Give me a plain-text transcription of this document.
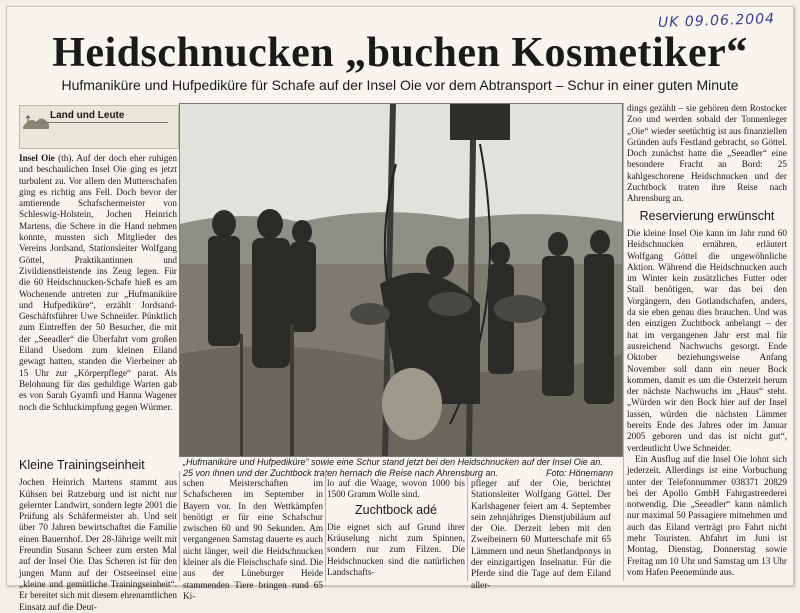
UK 09.06.2004
Heidschnucken „buchen Kosmetiker“
Hufmaniküre und Hufpediküre für Schafe auf der Insel Oie vor dem Abtransport – Schur in einer guten Minute
Land und Leute

Insel Oie (th). Auf der doch eher ruhigen und beschaulichen Insel Oie ging es jetzt turbulent zu. Vor allem den Mutterschafen ging es richtig ans Fell. Doch bevor der amtierende Schafschermeister von Schleswig-Holstein, Jochen Heinrich Martens, die Schere in die Hand nehmen konnte, mussten sich Mitglieder des Vereins Jordsand, Stationsleiter Wolfgang Göttel, Praktikantinnen und Zivildienstleistende ins Zeug legen. Für die 60 Heidschnucken-Schafe hieß es am Wochenende antreten zur „Hufmaniküre und Hufpediküre“, erzählt Jordsand-Geschäftsführer Uwe Schneider. Pünktlich zum Eintreffen der 50 Besucher, die mit der „Seeadler“ die Überfahrt vom großen Eiland Usedom zum kleinen Eiland gewagt hatten, standen die Vierbeiner ab 15 Uhr zur „Körperpflege“ parat. Als Belohnung für das geduldige Warten gab es von Sarah Gyamfi und Hanna Wagener noch die Schluckimpfung gegen Würmer.

Kleine Trainingseinheit

Jochen Heinrich Martens stammt aus Kühsen bei Ratzeburg und ist nicht nur gelernter Landwirt, sondern legte 2001 die Prüfung als Schäfermeister ab. Und seit über 70 Jahren bewirtschaftet die Familie einen Bauernhof. Der 28-Jährige weilt mit Freundin Susann Scheer zum ersten Mal auf der Insel Oie. Das Scheren ist für den jungen Mann auf der Ostseeinsel eine „kleine und gemütliche Trainingseinheit“. Er bereitet sich mit diesem ehrenamtlichen Einsatz auf die Deut-

„Hufmaniküre und Hufpediküre“ sowie eine Schur stand jetzt bei den Heidschnucken auf der Insel Oie an. 25 von ihnen und der Zuchtbock traten hernach die Reise nach Ahrensburg an.	Foto: Hönemann

schen Meisterschaften im Schafscheren im September in Bayern vor. In den Wettkämpfen benötigt er für eine Schafschur zwischen 60 und 90 Sekunden. Am vergangenen Samstag dauerte es auch nicht länger, weil die Heidschnucken kleiner als die Fleischschafe sind. Die aus der Lüneburger Heide stammenden Tiere bringen rund 65 Ki-

lo auf die Waage, wovon 1000 bis 1500 Gramm Wolle sind.

Zuchtbock adé

Die eignet sich auf Grund ihrer Kräuselung nicht zum Spinnen, sondern nur zum Filzen. Die Heidschnucken sind die natürlichen Landschafts-

pfleger auf der Oie, berichtet Stationsleiter Wolfgang Göttel. Der Karlshagener feiert am 4. September sein zehnjähriges Dienstjubiläum auf der Oie. Derzeit leben mit den Zweibeinern 60 Mutterschafe mit 65 Lämmern und neun Shetlandponys in der einzigartigen Inselnatur. Für die Pferde sind die Tage auf dem Eiland aller-

dings gezählt – sie gehören dem Rostocker Zoo und werden sobald der Tonnenleger „Oie“ wieder seetüchtig ist aus finanziellen Gründen aufs Festland gebracht, so Göttel. Doch zunächst hatte die „Seeadler“ eine besondere Fracht an Bord: 25 kahlgeschorene Heidschnucken und der Zuchtbock traten ihre Reise nach Ahrensburg an.

Reservierung erwünscht

Die kleine Insel Oie kann im Jahr rund 60 Heidschnucken ernähren, erläutert Wolfgang Göttel die ungewöhnliche Aktion. Während die Heidschnucken auch im Winter kein zusätzliches Futter oder Stall benötigen, war das bei den Vorgängern, den Gotlandschafen, anders, da sie eben genau dies brauchen. Und was den einzigen Zuchtbock anbelangt – der hat im vergangenen Jahr erst mal für ausreichend Nachwuchs gesorgt. Ende Oktober beziehungsweise Anfang November soll dann ein neuer Bock kommen, damit es um die Osterzeit herum der nächste Nachwuchs im „Haus“ steht. „Würden wir den Bock hier auf der Insel lassen, würden die nächsten Lämmer bereits Ende des Jahres oder im Januar 2005 geboren und das ist nicht gut“, verdeutlicht Uwe Schneider.

Ein Ausflug auf die Insel Oie lohnt sich jederzeit. Allerdings ist eine Vorbuchung unter der Telefonnummer 038371 20829 bei der Apollo GmbH Fahrgastreederei notwendig. Die „Seeadler“ kann nämlich nur maximal 50 Passagiere mitnehmen und auch das Eiland verträgt pro Fahrt nicht mehr Touristen. Abfahrt im Juni ist Montag, Dienstag, Donnerstag sowie Freitag um 10 Uhr und Samstag um 13 Uhr vom Hafen Peenemünde aus.
